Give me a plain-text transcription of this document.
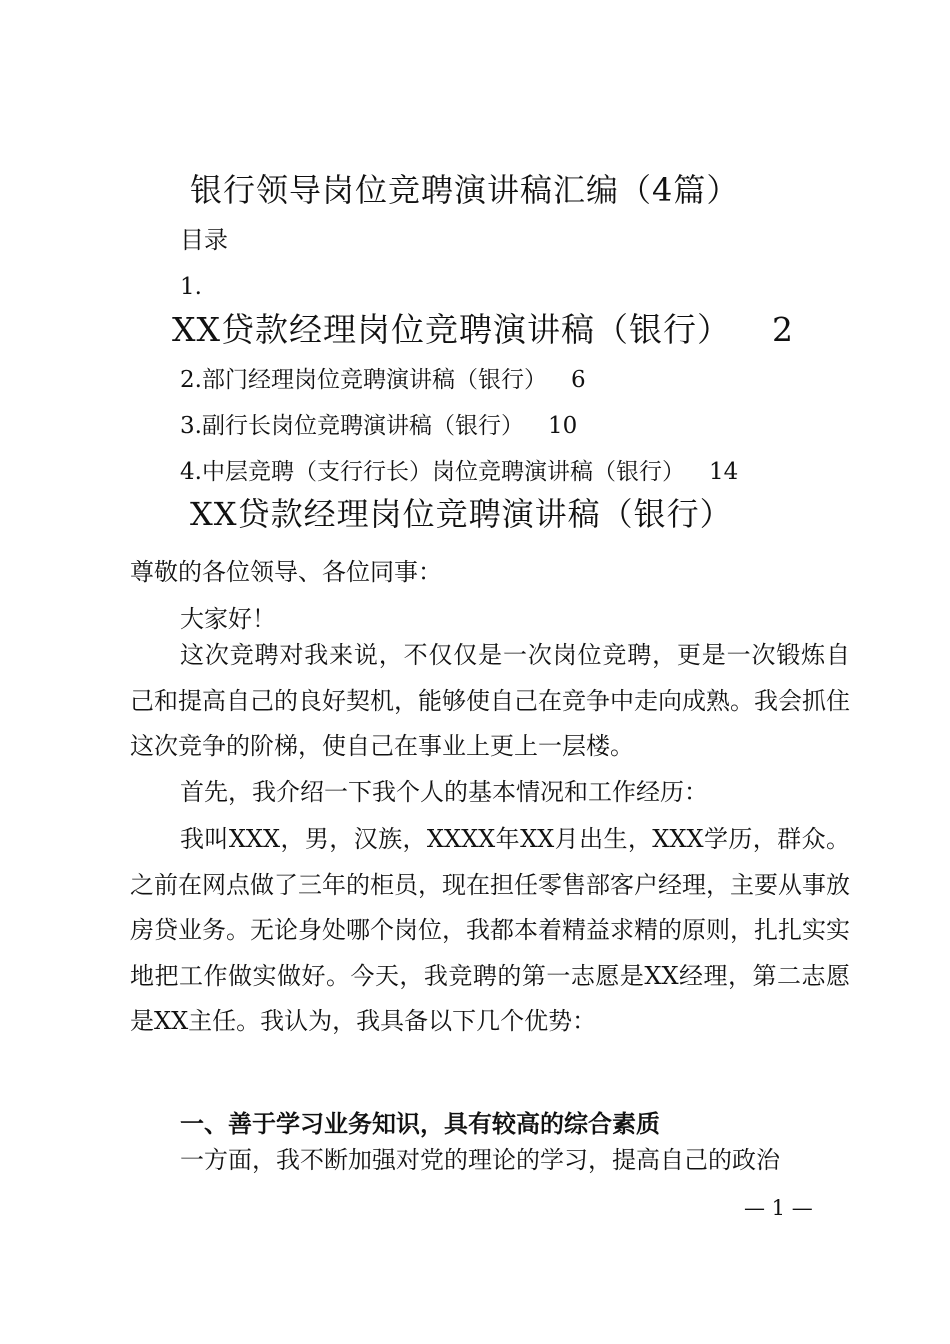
银行领导岗位竞聘演讲稿汇编（4篇）
目录
1.
XX贷款经理岗位竞聘演讲稿（银行） 2
2.部门经理岗位竞聘演讲稿（银行） 6
3.副行长岗位竞聘演讲稿（银行） 10
4.中层竞聘（支行行长）岗位竞聘演讲稿（银行） 14
XX贷款经理岗位竞聘演讲稿（银行）

尊敬的各位领导、各位同事：

大家好！

这次竞聘对我来说，不仅仅是一次岗位竞聘，更是一次锻炼自己和提高自己的良好契机，能够使自己在竞争中走向成熟。我会抓住这次竞争的阶梯，使自己在事业上更上一层楼。

首先，我介绍一下我个人的基本情况和工作经历：

我叫XXX，男，汉族，XXXX年XX月出生，XXX学历，群众。之前在网点做了三年的柜员，现在担任零售部客户经理，主要从事放房贷业务。无论身处哪个岗位，我都本着精益求精的原则，扎扎实实地把工作做实做好。今天，我竞聘的第一志愿是XX经理，第二志愿是XX主任。我认为，我具备以下几个优势：

一、善于学习业务知识，具有较高的综合素质

一方面，我不断加强对党的理论的学习，提高自己的政治

— 1 —
